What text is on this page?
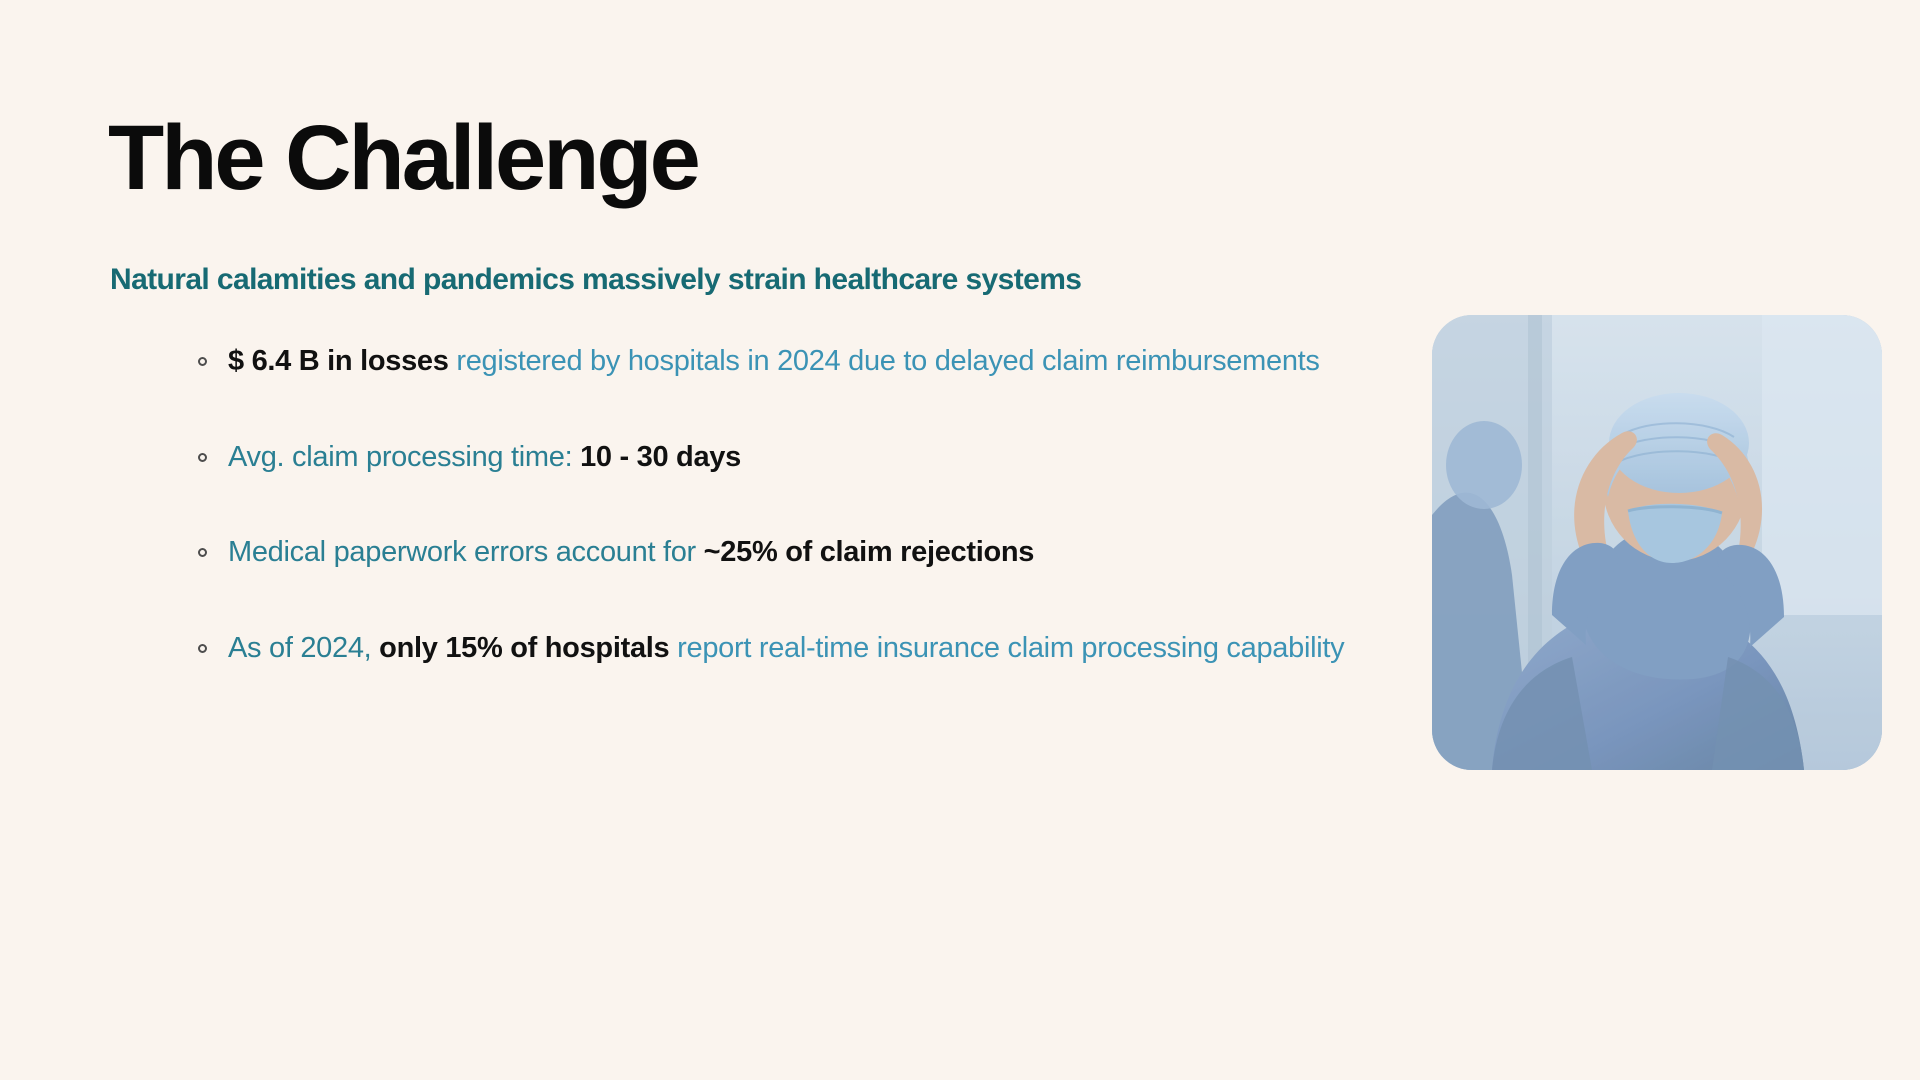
The Challenge
Natural calamities and pandemics massively strain healthcare systems
$ 6.4 B in losses registered by hospitals in 2024 due to delayed claim reimbursements
Avg. claim processing time: 10 - 30 days
Medical paperwork errors account for ~25% of claim rejections
As of 2024, only 15% of hospitals report real-time insurance claim processing capability
